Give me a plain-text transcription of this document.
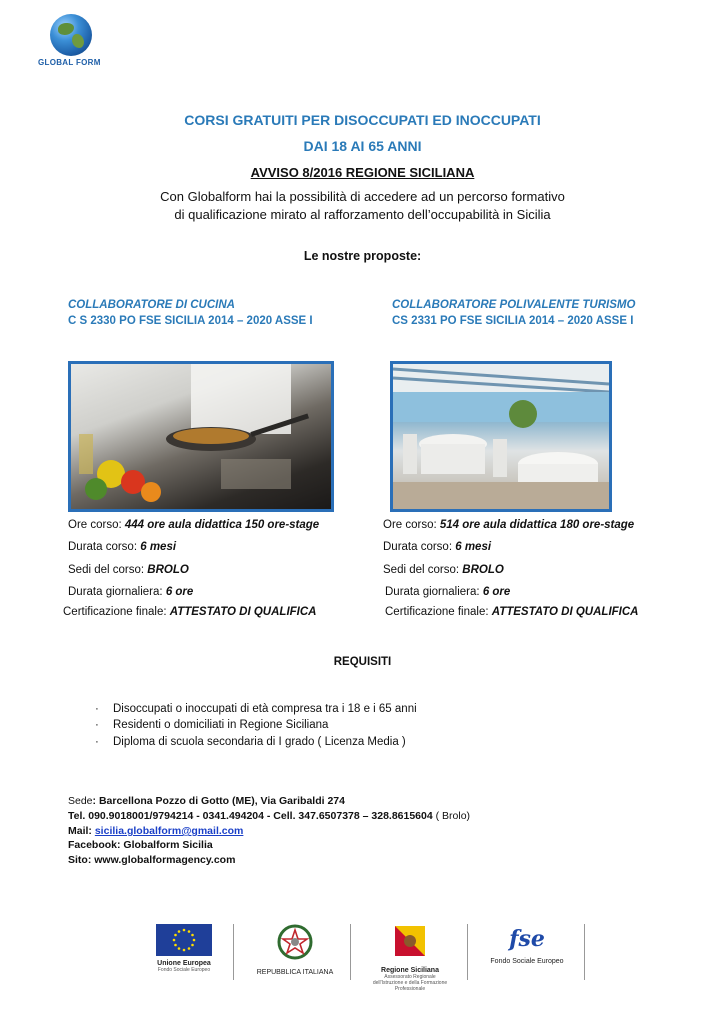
GLOBAL FORM
CORSI GRATUITI PER DISOCCUPATI ED INOCCUPATI
DAI 18 AI 65 ANNI
AVVISO 8/2016 REGIONE SICILIANA
Con Globalform hai la possibilità di accedere ad un percorso formativo
di qualificazione mirato al rafforzamento dell’occupabilità in Sicilia
Le nostre proposte:
COLLABORATORE DI CUCINA
C S 2330 PO FSE SICILIA 2014 – 2020 ASSE I
COLLABORATORE POLIVALENTE TURISMO
CS 2331 PO FSE SICILIA 2014 – 2020 ASSE I
Ore corso: 444 ore aula didattica 150 ore-stage
Durata corso: 6 mesi
Sedi del corso: BROLO
Durata giornaliera: 6 ore
Certificazione finale: ATTESTATO DI QUALIFICA
Ore corso: 514 ore aula didattica 180 ore-stage
Durata corso: 6 mesi
Sedi del corso: BROLO
Durata giornaliera: 6 ore
Certificazione finale: ATTESTATO DI QUALIFICA
REQUISITI
· Disoccupati o inoccupati di età compresa tra i 18 e i 65 anni
· Residenti o domiciliati in Regione Siciliana
· Diploma di scuola secondaria di I grado ( Licenza Media )
Sede: Barcellona Pozzo di Gotto (ME), Via Garibaldi 274
Tel. 090.9018001/9794214 - 0341.494204 - Cell. 347.6507378 – 328.8615604 ( Brolo)
Mail: sicilia.globalform@gmail.com
Facebook: Globalform Sicilia
Sito: www.globalformagency.com
Unione Europea
Fondo Sociale Europeo	REPUBBLICA ITALIANA	Regione Siciliana
Assessorato Regionale dell'Istruzione e della Formazione Professionale
fse
Fondo Sociale Europeo
